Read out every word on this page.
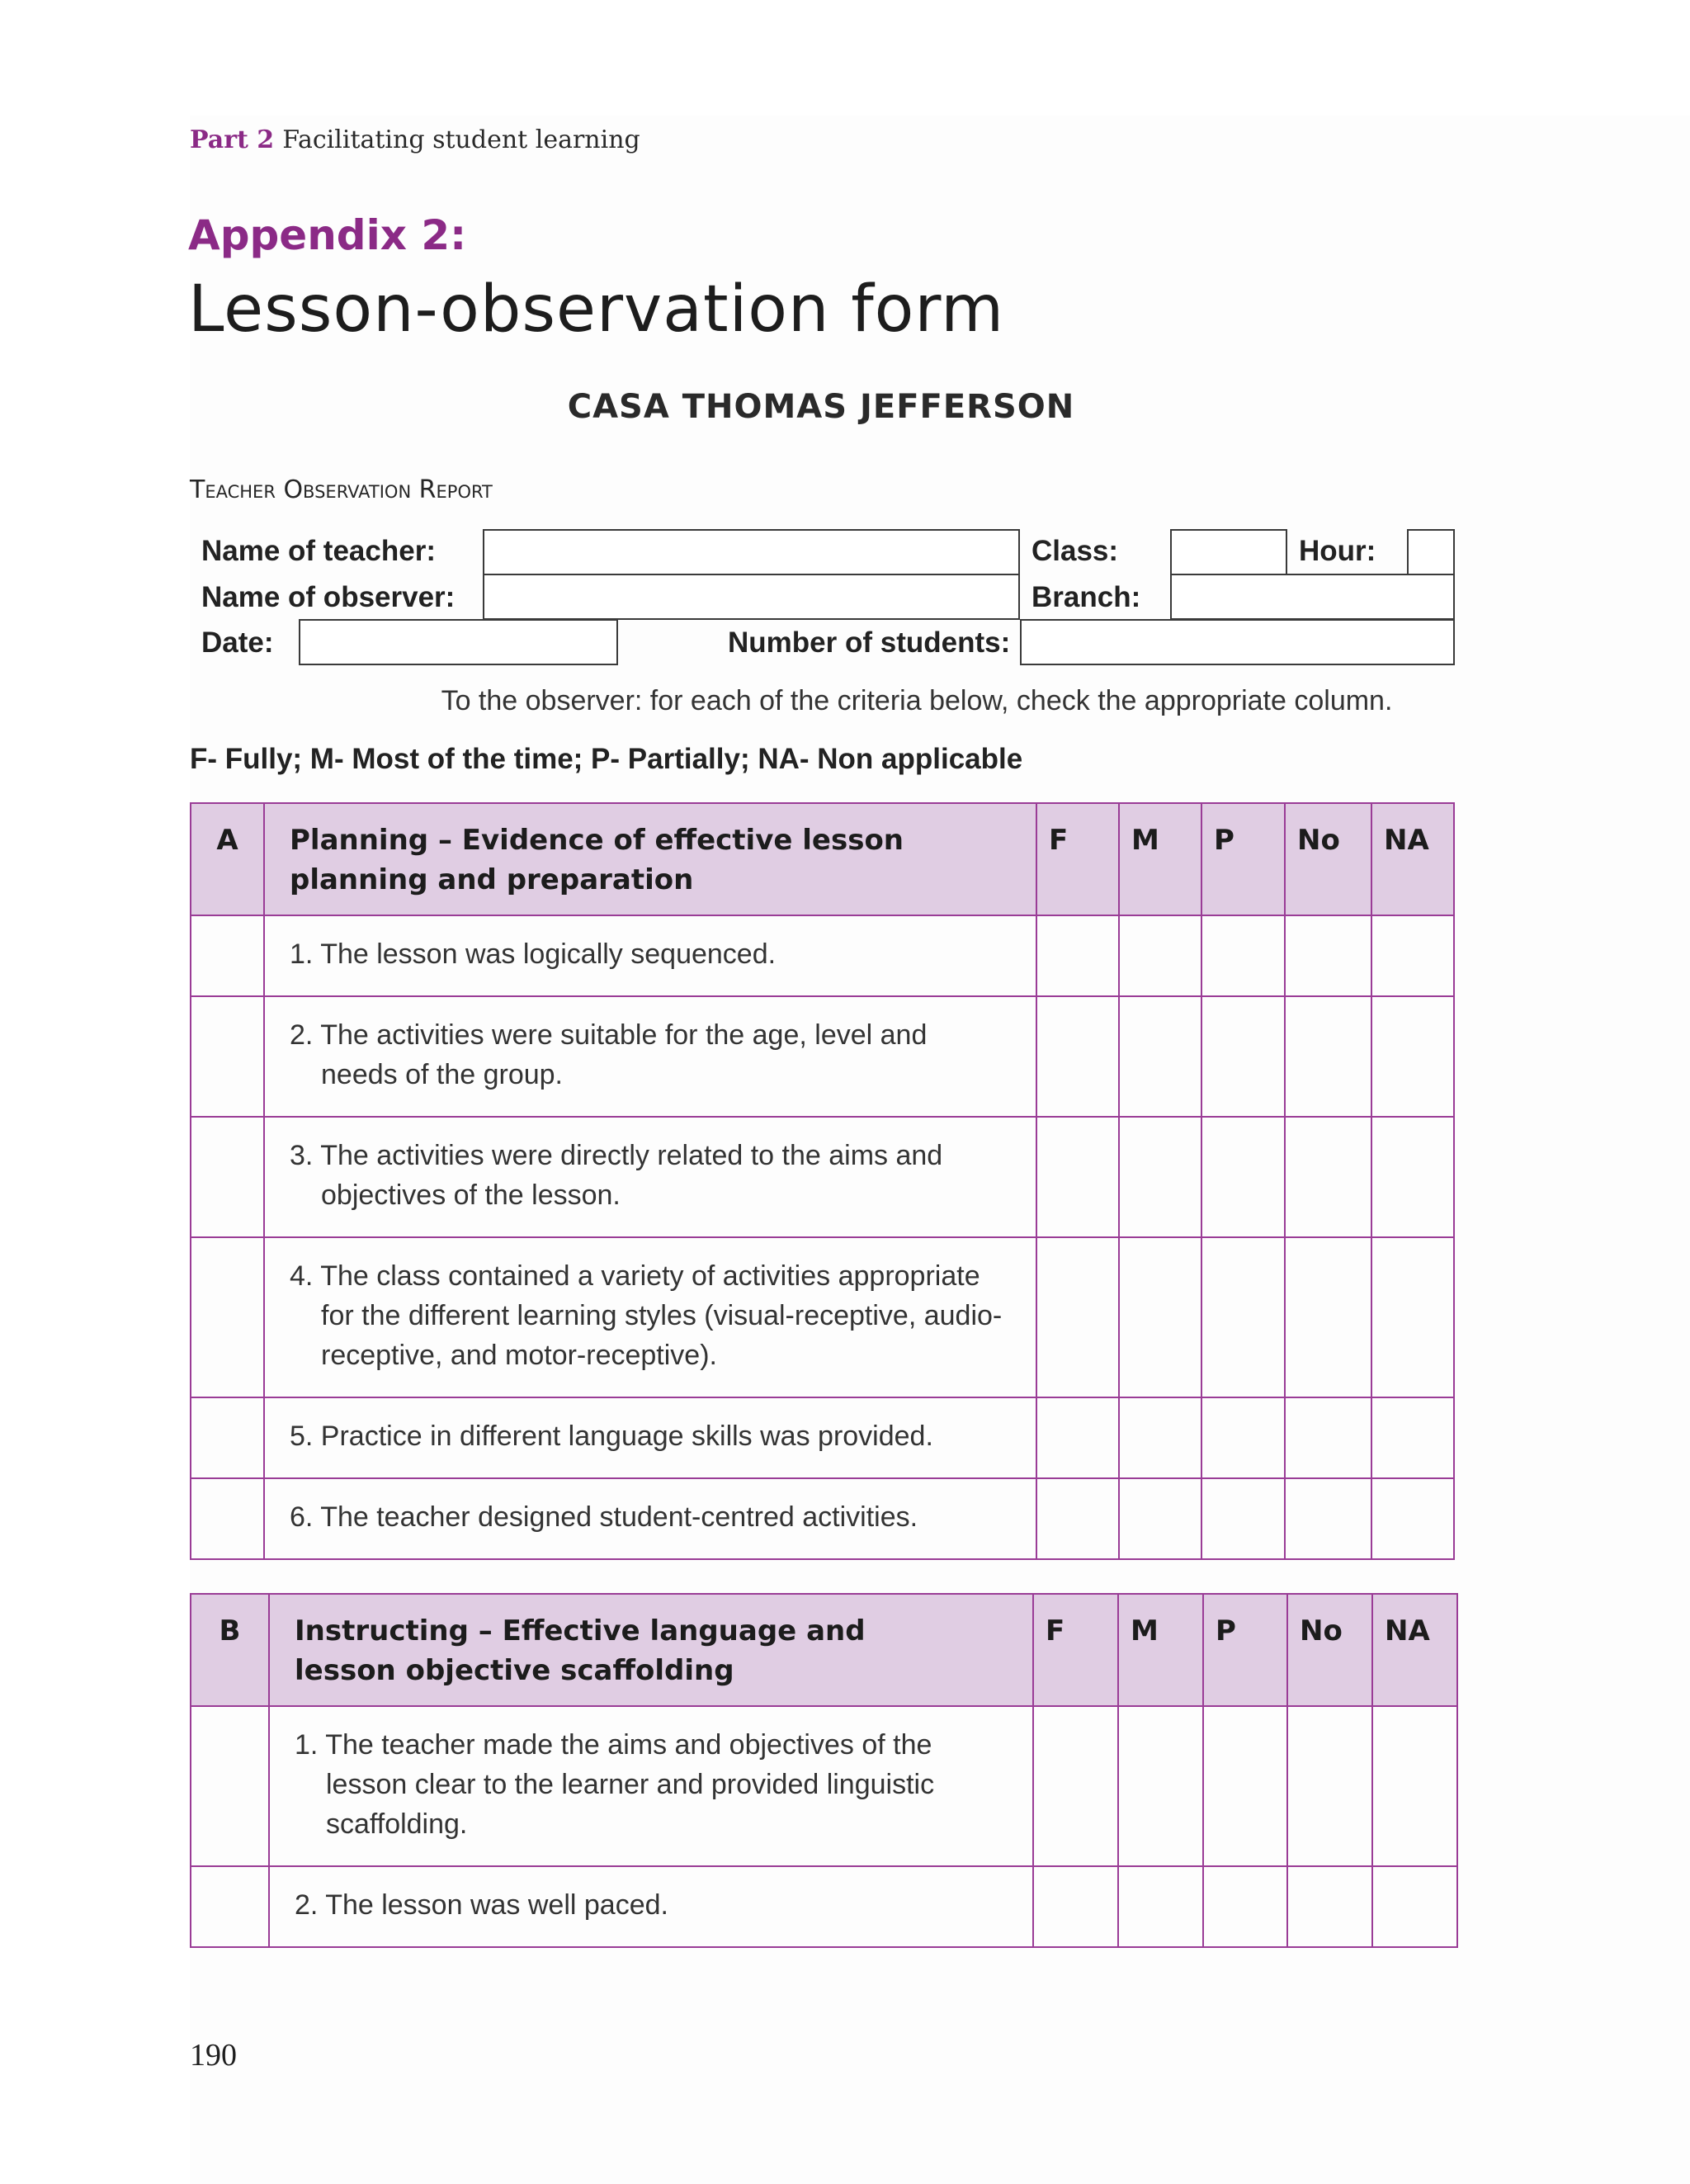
Part 2 Facilitating student learning
Appendix 2:
Lesson-observation form
CASA THOMAS JEFFERSON
Teacher Observation Report
Name of teacher:	Class:	Hour:
Name of observer:	Branch:
Date:	Number of students:
To the observer: for each of the criteria below, check the appropriate column.
F- Fully; M- Most of the time; P- Partially; NA- Non applicable
A	Planning – Evidence of effective lesson planning and preparation	F	M	P	No	NA
	1. The lesson was logically sequenced.					
	2. The activities were suitable for the age, level and needs of the group.					
	3. The activities were directly related to the aims and objectives of the lesson.					
	4. The class contained a variety of activities appropriate for the different learning styles (visual-receptive, audio-receptive, and motor-receptive).					
	5. Practice in different language skills was provided.					
	6. The teacher designed student-centred activities.					
B	Instructing – Effective language and lesson objective scaffolding	F	M	P	No	NA
	1. The teacher made the aims and objectives of the lesson clear to the learner and provided linguistic scaffolding.					
	2. The lesson was well paced.					
190
